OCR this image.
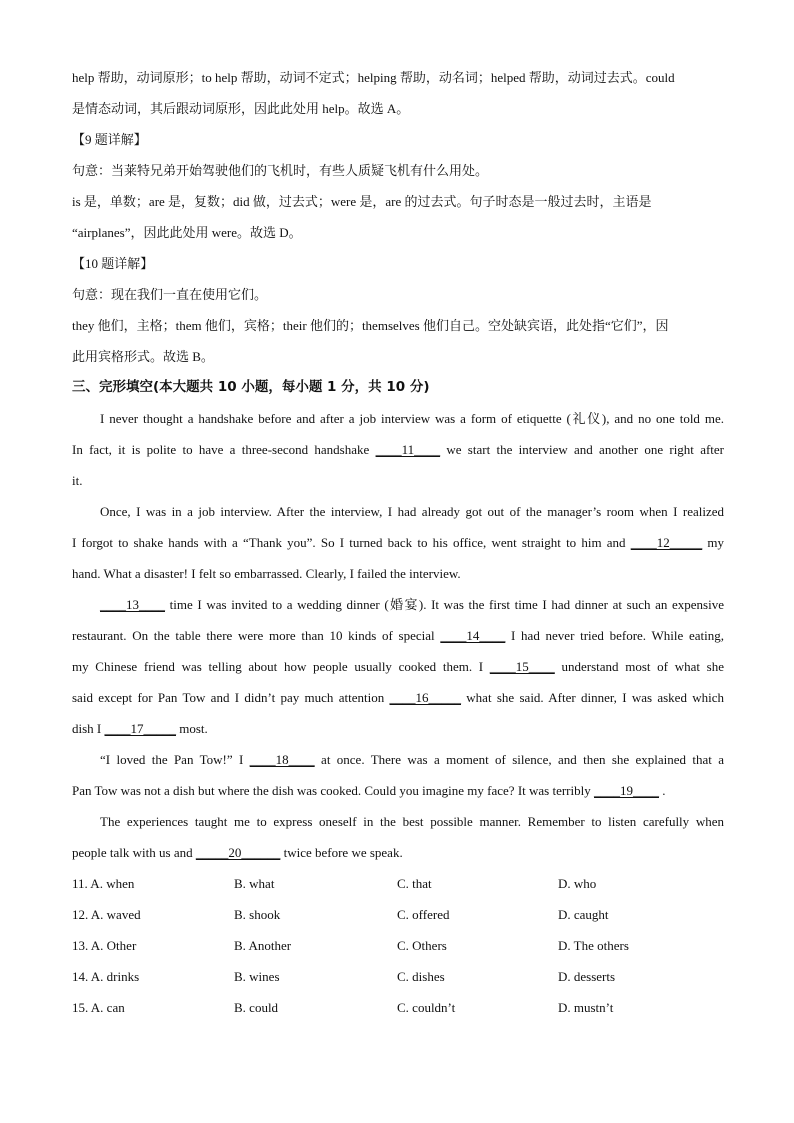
help 帮助，动词原形；to help 帮助，动词不定式；helping 帮助，动名词；helped 帮助，动词过去式。could
是情态动词，其后跟动词原形，因此此处用 help。故选 A。
【9 题详解】
句意：当莱特兄弟开始驾驶他们的飞机时，有些人质疑飞机有什么用处。
is 是，单数；are 是，复数；did 做，过去式；were 是，are 的过去式。句子时态是一般过去时，主语是
“airplanes”，因此此处用 were。故选 D。
【10 题详解】
句意：现在我们一直在使用它们。
they 他们，主格；them 他们，宾格；their 他们的；themselves 他们自己。空处缺宾语，此处指“它们”，因
此用宾格形式。故选 B。
三、完形填空(本大题共 10 小题，每小题 1 分，共 10 分)
I never thought a handshake before and after a job interview was a form of etiquette (礼仪), and no one told me.
In fact, it is polite to have a three-second handshake ____11____ we start the interview and another one right after
it.
Once, I was in a job interview. After the interview, I had already got out of the manager’s room when I realized
I forgot to shake hands with a “Thank you”. So I turned back to his office, went straight to him and ____12_____ my
hand. What a disaster! I felt so embarrassed. Clearly, I failed the interview.
____13____ time I was invited to a wedding dinner (婚宴). It was the first time I had dinner at such an expensive
restaurant. On the table there were more than 10 kinds of special ____14____ I had never tried before. While eating,
my Chinese friend was telling about how people usually cooked them. I ____15____ understand most of what she
said except for Pan Tow and I didn’t pay much attention ____16_____ what she said. After dinner, I was asked which
dish I ____17_____ most.
“I loved the Pan Tow!” I ____18____ at once. There was a moment of silence, and then she explained that a
Pan Tow was not a dish but where the dish was cooked. Could you imagine my face? It was terribly ____19____ .
The experiences taught me to express oneself in the best possible manner. Remember to listen carefully when
people talk with us and _____20______ twice before we speak.
11. A. when	B. what	C. that	D. who
12. A. waved	B. shook	C. offered	D. caught
13. A. Other	B. Another	C. Others	D. The others
14. A. drinks	B. wines	C. dishes	D. desserts
15. A. can	B. could	C. couldn’t	D. mustn’t
